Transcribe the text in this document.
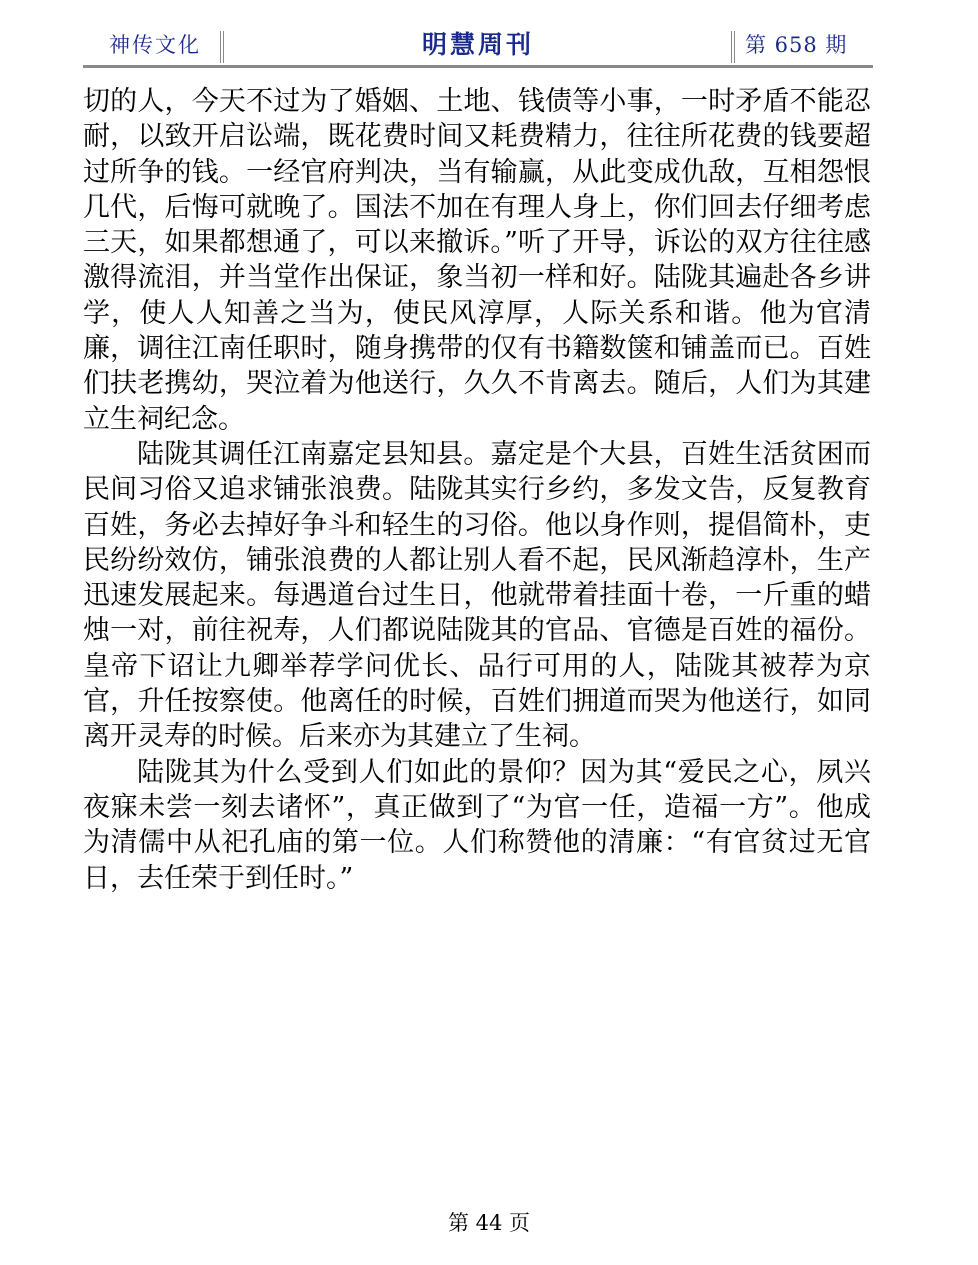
神传文化	明慧周刊	第 658 期

切的人，今天不过为了婚姻、土地、钱债等小事，一时矛盾不能忍耐，以致开启讼端，既花费时间又耗费精力，往往所花费的钱要超过所争的钱。一经官府判决，当有输赢，从此变成仇敌，互相怨恨几代，后悔可就晚了。国法不加在有理人身上，你们回去仔细考虑三天，如果都想通了，可以来撤诉。”听了开导，诉讼的双方往往感激得流泪，并当堂作出保证，象当初一样和好。陆陇其遍赴各乡讲学，使人人知善之当为，使民风淳厚，人际关系和谐。他为官清廉，调往江南任职时，随身携带的仅有书籍数箧和铺盖而已。百姓们扶老携幼，哭泣着为他送行，久久不肯离去。随后，人们为其建立生祠纪念。

陆陇其调任江南嘉定县知县。嘉定是个大县，百姓生活贫困而民间习俗又追求铺张浪费。陆陇其实行乡约，多发文告，反复教育百姓，务必去掉好争斗和轻生的习俗。他以身作则，提倡简朴，吏民纷纷效仿，铺张浪费的人都让别人看不起，民风渐趋淳朴，生产迅速发展起来。每遇道台过生日，他就带着挂面十卷，一斤重的蜡烛一对，前往祝寿，人们都说陆陇其的官品、官德是百姓的福份。皇帝下诏让九卿举荐学问优长、品行可用的人，陆陇其被荐为京官，升任按察使。他离任的时候，百姓们拥道而哭为他送行，如同离开灵寿的时候。后来亦为其建立了生祠。

陆陇其为什么受到人们如此的景仰？因为其“爱民之心，夙兴夜寐未尝一刻去诸怀”，真正做到了“为官一任，造福一方”。他成为清儒中从祀孔庙的第一位。人们称赞他的清廉：“有官贫过无官日，去任荣于到任时。”

第 44 页
